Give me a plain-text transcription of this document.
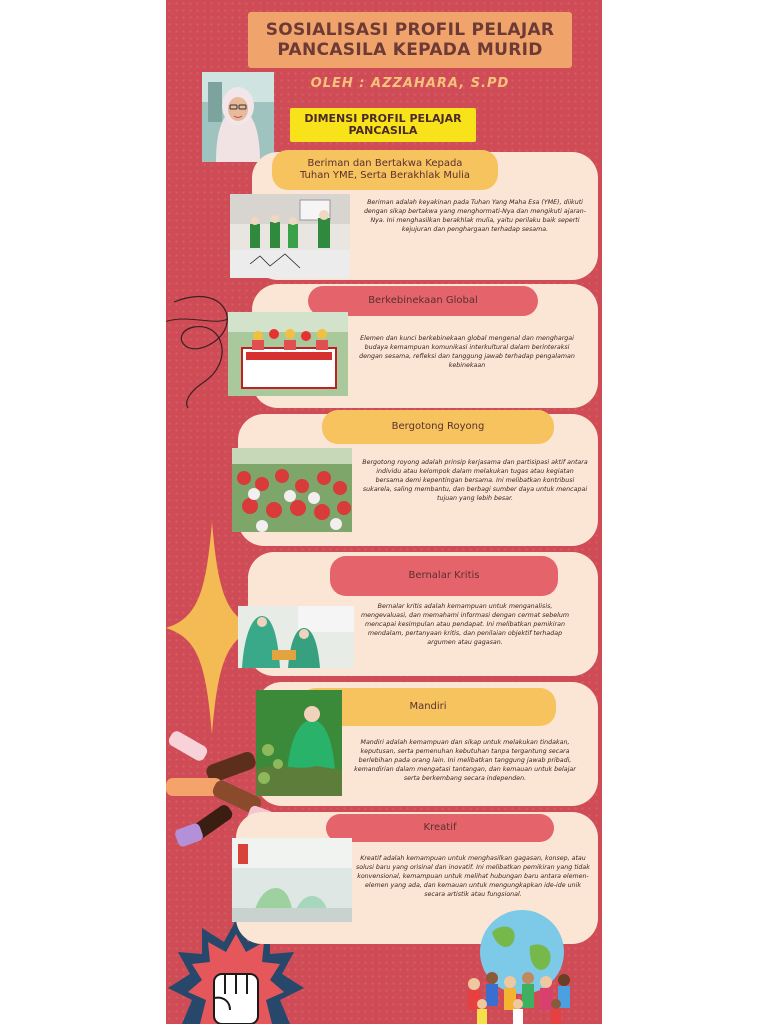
SOSIALISASI PROFIL PELAJAR
PANCASILA KEPADA MURID
OLEH : AZZAHARA, S.PD
DIMENSI PROFIL PELAJAR
PANCASILA
Beriman dan Bertakwa Kepada
Tuhan YME, Serta Berakhlak Mulia
Beriman adalah keyakinan pada Tuhan Yang Maha Esa (YME), diikuti dengan sikap bertakwa yang menghormati-Nya dan mengikuti ajaran-Nya. Ini menghasilkan berakhlak mulia, yaitu perilaku baik seperti kejujuran dan penghargaan terhadap sesama.
Berkebinekaan Global
Elemen dan kunci berkebinekaan global mengenal dan menghargai budaya kemampuan komunikasi interkultural dalam berinteraksi dengan sesama, refleksi dan tanggung jawab terhadap pengalaman kebinekaan
Bergotong Royong
Bergotong royong adalah prinsip kerjasama dan partisipasi aktif antara individu atau kelompok dalam melakukan tugas atau kegiatan bersama demi kepentingan bersama. Ini melibatkan kontribusi sukarela, saling membantu, dan berbagi sumber daya untuk mencapai tujuan yang lebih besar.
Bernalar Kritis
Bernalar kritis adalah kemampuan untuk menganalisis, mengevaluasi, dan memahami informasi dengan cermat sebelum mencapai kesimpulan atau pendapat. Ini melibatkan pemikiran mendalam, pertanyaan kritis, dan penilaian objektif terhadap argumen atau gagasan.
Mandiri
Mandiri adalah kemampuan dan sikap untuk melakukan tindakan, keputusan, serta pemenuhan kebutuhan tanpa tergantung secara berlebihan pada orang lain. Ini melibatkan tanggung jawab pribadi, kemandirian dalam mengatasi tantangan, dan kemauan untuk belajar serta berkembang secara independen.
Kreatif
Kreatif adalah kemampuan untuk menghasilkan gagasan, konsep, atau solusi baru yang orisinal dan inovatif. Ini melibatkan pemikiran yang tidak konvensional, kemampuan untuk melihat hubungan baru antara elemen-elemen yang ada, dan kemauan untuk mengungkapkan ide-ide unik secara artistik atau fungsional.
